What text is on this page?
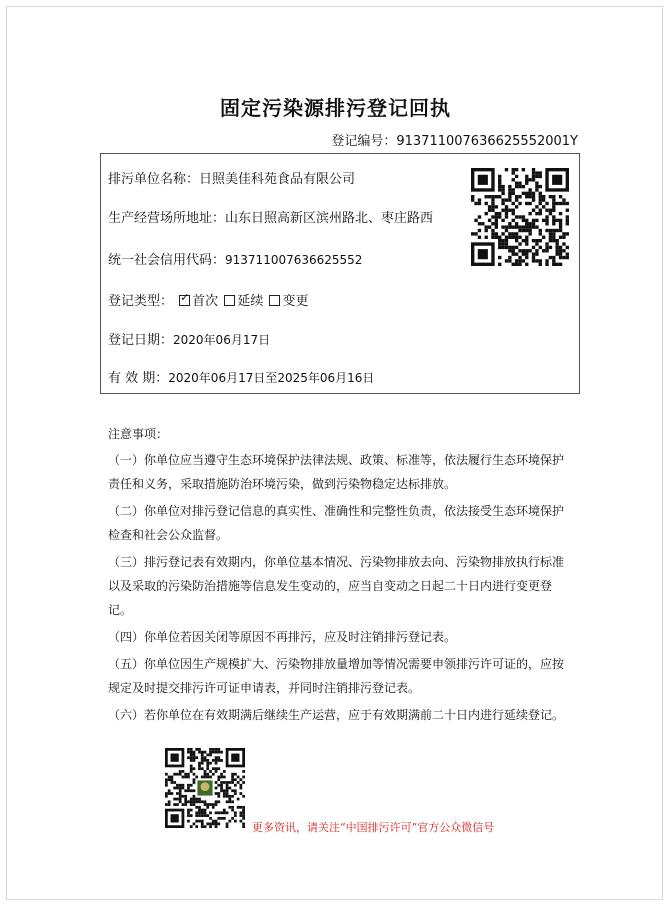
固定污染源排污登记回执
登记编号：913711007636625552001Y
排污单位名称：日照美佳科苑食品有限公司
生产经营场所地址：山东日照高新区滨州路北、枣庄路西
统一社会信用代码：913711007636625552
登记类型： ✓ 首次 延续 变更
登记日期：2020年06月17日
有 效 期：2020年06月17日至2025年06月16日

注意事项：

（一）你单位应当遵守生态环境保护法律法规、政策、标准等，依法履行生态环境保护责任和义务，采取措施防治环境污染，做到污染物稳定达标排放。

（二）你单位对排污登记信息的真实性、准确性和完整性负责，依法接受生态环境保护检查和社会公众监督。

（三）排污登记表有效期内，你单位基本情况、污染物排放去向、污染物排放执行标准以及采取的污染防治措施等信息发生变动的，应当自变动之日起二十日内进行变更登记。

（四）你单位若因关闭等原因不再排污，应及时注销排污登记表。

（五）你单位因生产规模扩大、污染物排放量增加等情况需要申领排污许可证的，应按规定及时提交排污许可证申请表，并同时注销排污登记表。

（六）若你单位在有效期满后继续生产运营，应于有效期满前二十日内进行延续登记。

更多资讯，请关注“中国排污许可”官方公众微信号
